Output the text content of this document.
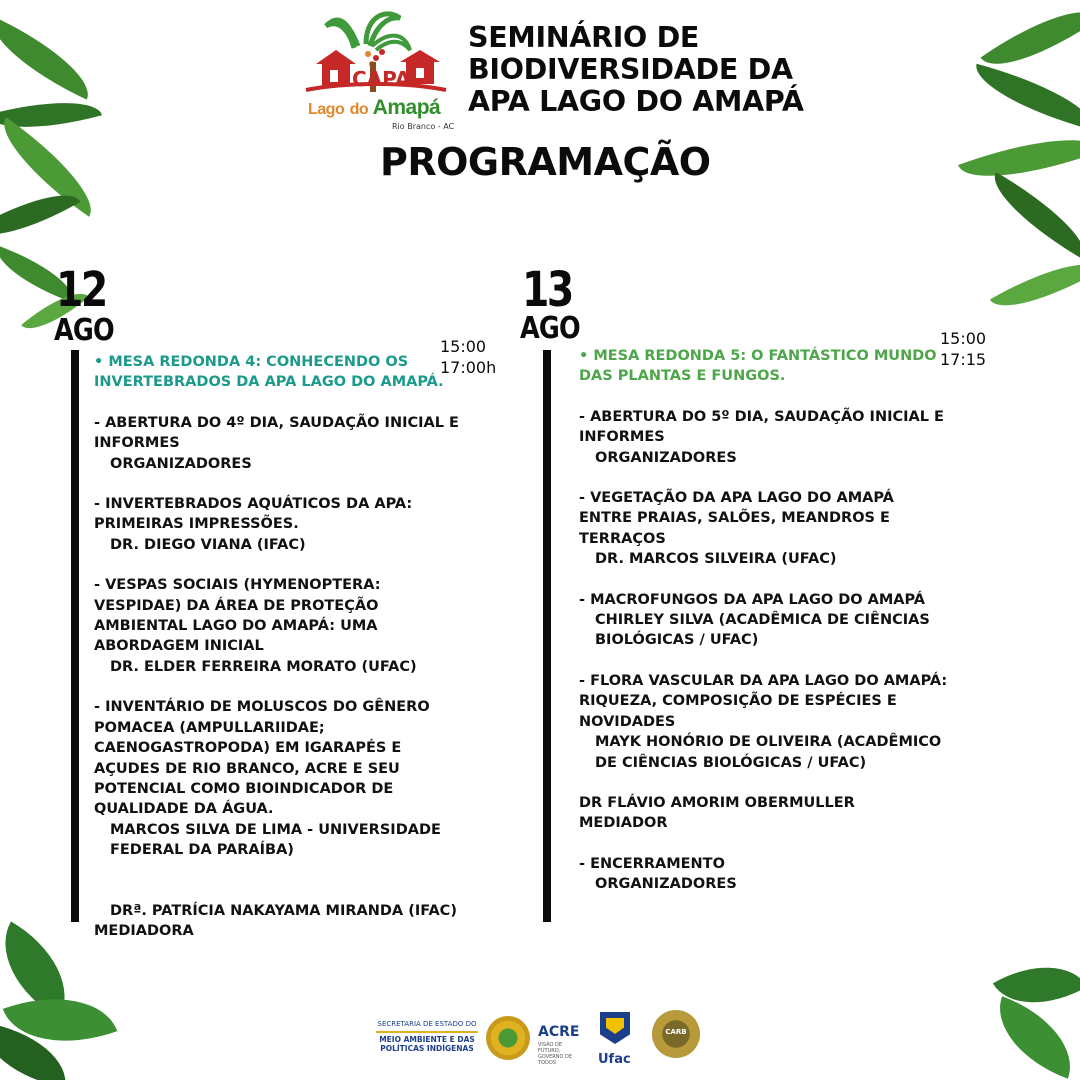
CAPA
Lago do Amapá
Rio Branco - AC
SEMINÁRIO DE
BIODIVERSIDADE DA
APA LAGO DO AMAPÁ
PROGRAMAÇÃO
12
AGO	15:00
17:00h

• MESA REDONDA 4: CONHECENDO OS INVERTEBRADOS DA APA LAGO DO AMAPÁ.

- ABERTURA DO 4º DIA, SAUDAÇÃO INICIAL E INFORMES

ORGANIZADORES

- INVERTEBRADOS AQUÁTICOS DA APA: PRIMEIRAS IMPRESSÕES.

DR. DIEGO VIANA (IFAC)

- VESPAS SOCIAIS (HYMENOPTERA: VESPIDAE) DA ÁREA DE PROTEÇÃO AMBIENTAL LAGO DO AMAPÁ: UMA ABORDAGEM INICIAL

DR. ELDER FERREIRA MORATO (UFAC)

- INVENTÁRIO DE MOLUSCOS DO GÊNERO POMACEA (AMPULLARIIDAE; CAENOGASTROPODA) EM IGARAPÉS E AÇUDES DE RIO BRANCO, ACRE E SEU POTENCIAL COMO BIOINDICADOR DE QUALIDADE DA ÁGUA.

MARCOS SILVA DE LIMA - UNIVERSIDADE FEDERAL DA PARAÍBA)

DRª. PATRÍCIA NAKAYAMA MIRANDA (IFAC)

MEDIADORA

13
AGO	15:00
17:15

• MESA REDONDA 5: O FANTÁSTICO MUNDO DAS PLANTAS E FUNGOS.

- ABERTURA DO 5º DIA, SAUDAÇÃO INICIAL E INFORMES

ORGANIZADORES

- VEGETAÇÃO DA APA LAGO DO AMAPÁ ENTRE PRAIAS, SALÕES, MEANDROS E TERRAÇOS

DR. MARCOS SILVEIRA (UFAC)

- MACROFUNGOS DA APA LAGO DO AMAPÁ

CHIRLEY SILVA (ACADÊMICA DE CIÊNCIAS BIOLÓGICAS / UFAC)

- FLORA VASCULAR DA APA LAGO DO AMAPÁ: RIQUEZA, COMPOSIÇÃO DE ESPÉCIES E NOVIDADES

MAYK HONÓRIO DE OLIVEIRA (ACADÊMICO DE CIÊNCIAS BIOLÓGICAS / UFAC)

DR FLÁVIO AMORIM OBERMULLER

MEDIADOR

- ENCERRAMENTO

ORGANIZADORES

SECRETARIA DE ESTADO DO
MEIO AMBIENTE E DAS
POLÍTICAS INDÍGENAS
ACRE
VISÃO DE FUTURO, GOVERNO DE TODOS	Ufac
CARB
